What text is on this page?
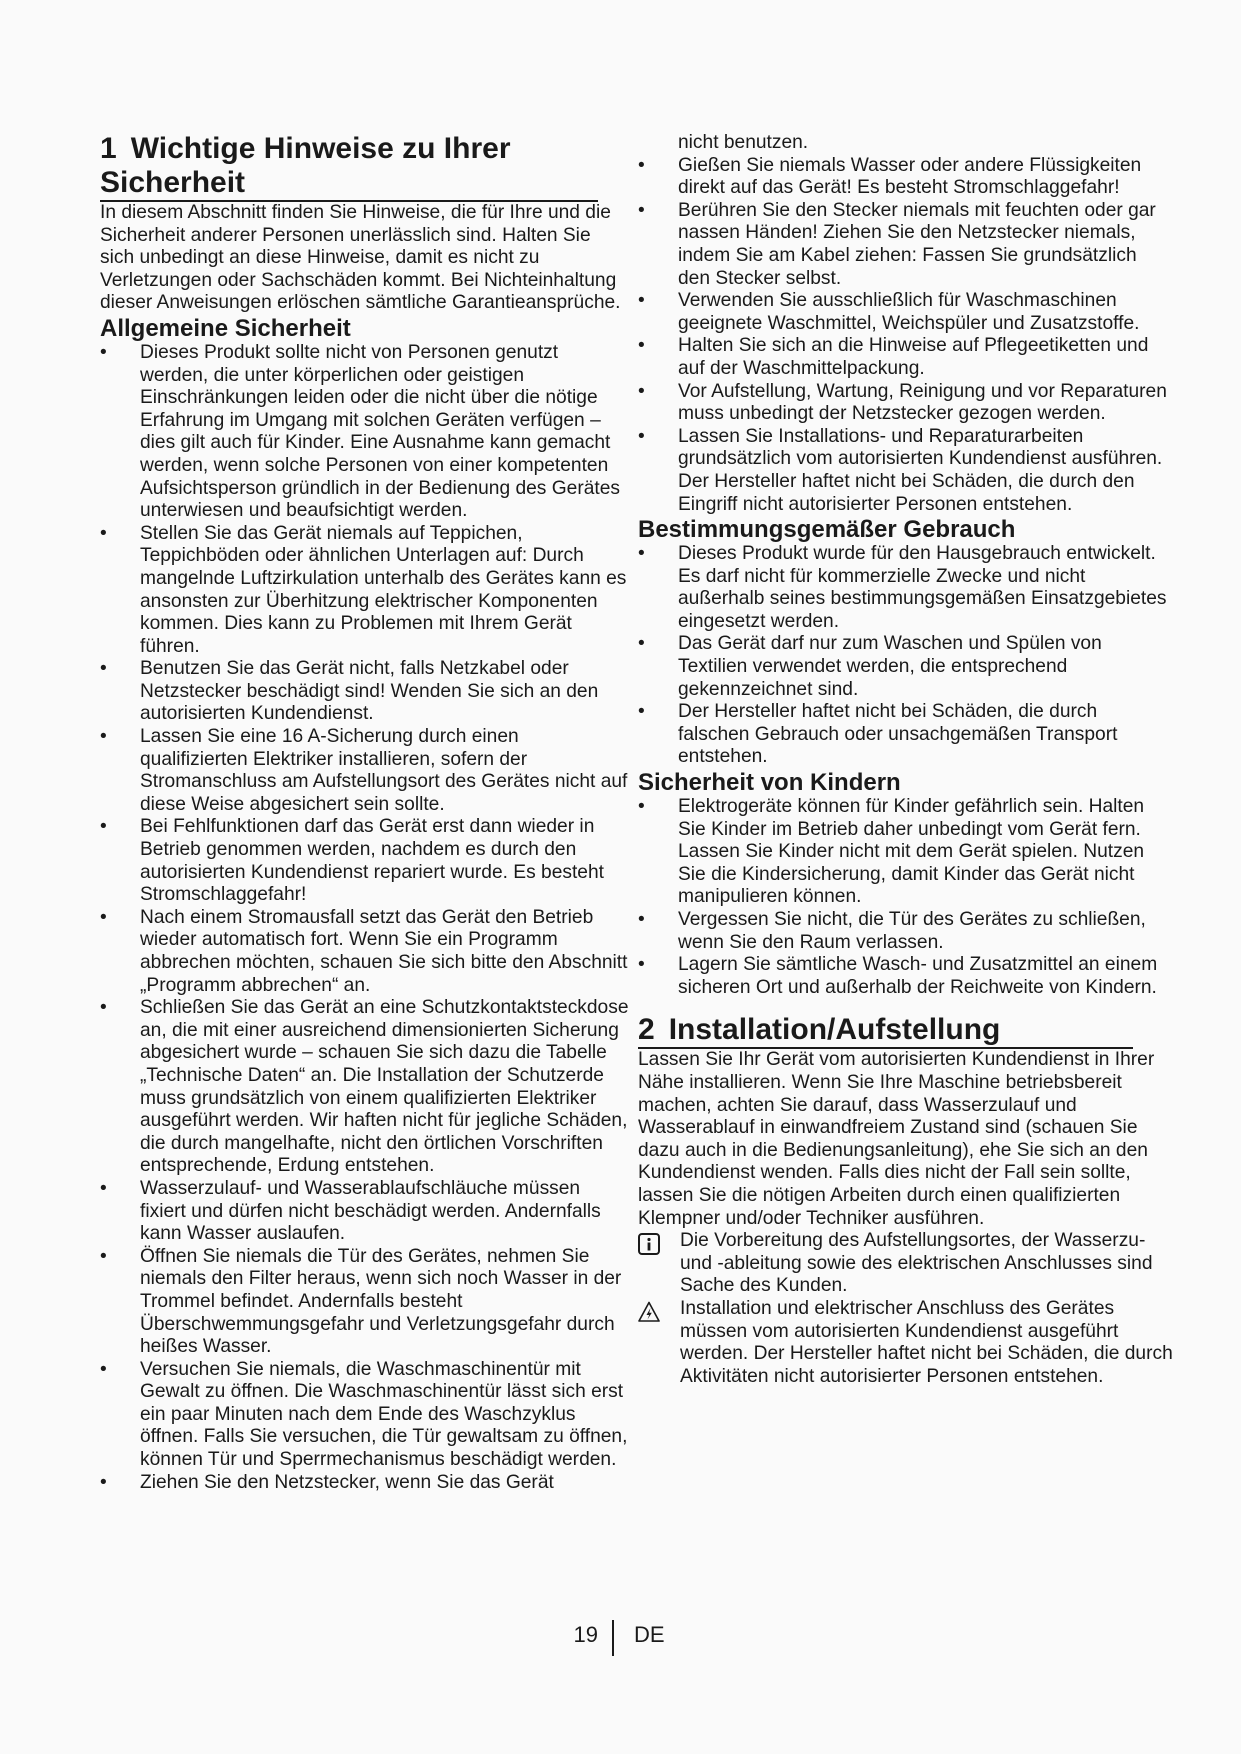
1 Wichtige Hinweise zu Ihrer Sicherheit

In diesem Abschnitt finden Sie Hinweise, die für Ihre und die Sicherheit anderer Personen unerlässlich sind. Halten Sie sich unbedingt an diese Hinweise, damit es nicht zu Verletzungen oder Sachschäden kommt. Bei Nichteinhaltung dieser Anweisungen erlöschen sämtliche Garantieansprüche.

Allgemeine Sicherheit
• Dieses Produkt sollte nicht von Personen genutzt werden, die unter körperlichen oder geistigen Einschränkungen leiden oder die nicht über die nötige Erfahrung im Umgang mit solchen Geräten verfügen – dies gilt auch für Kinder. Eine Ausnahme kann gemacht werden, wenn solche Personen von einer kompetenten Aufsichtsperson gründlich in der Bedienung des Gerätes unterwiesen und beaufsichtigt werden.
• Stellen Sie das Gerät niemals auf Teppichen, Teppichböden oder ähnlichen Unterlagen auf: Durch mangelnde Luftzirkulation unterhalb des Gerätes kann es ansonsten zur Überhitzung elektrischer Komponenten kommen. Dies kann zu Problemen mit Ihrem Gerät führen.
• Benutzen Sie das Gerät nicht, falls Netzkabel oder Netzstecker beschädigt sind! Wenden Sie sich an den autorisierten Kundendienst.
• Lassen Sie eine 16 A-Sicherung durch einen qualifizierten Elektriker installieren, sofern der Stromanschluss am Aufstellungsort des Gerätes nicht auf diese Weise abgesichert sein sollte.
• Bei Fehlfunktionen darf das Gerät erst dann wieder in Betrieb genommen werden, nachdem es durch den autorisierten Kundendienst repariert wurde. Es besteht Stromschlaggefahr!
• Nach einem Stromausfall setzt das Gerät den Betrieb wieder automatisch fort. Wenn Sie ein Programm abbrechen möchten, schauen Sie sich bitte den Abschnitt „Programm abbrechen“ an.
• Schließen Sie das Gerät an eine Schutzkontaktsteckdose an, die mit einer ausreichend dimensionierten Sicherung abgesichert wurde – schauen Sie sich dazu die Tabelle „Technische Daten“ an. Die Installation der Schutzerde muss grundsätzlich von einem qualifizierten Elektriker ausgeführt werden. Wir haften nicht für jegliche Schäden, die durch mangelhafte, nicht den örtlichen Vorschriften entsprechende, Erdung entstehen.
• Wasserzulauf- und Wasserablaufschläuche müssen fixiert und dürfen nicht beschädigt werden. Andernfalls kann Wasser auslaufen.
• Öffnen Sie niemals die Tür des Gerätes, nehmen Sie niemals den Filter heraus, wenn sich noch Wasser in der Trommel befindet. Andernfalls besteht Überschwemmungsgefahr und Verletzungsgefahr durch heißes Wasser.
• Versuchen Sie niemals, die Waschmaschinentür mit Gewalt zu öffnen. Die Waschmaschinentür lässt sich erst ein paar Minuten nach dem Ende des Waschzyklus öffnen. Falls Sie versuchen, die Tür gewaltsam zu öffnen, können Tür und Sperrmechanismus beschädigt werden.
• Ziehen Sie den Netzstecker, wenn Sie das Gerät

nicht benutzen.

• Gießen Sie niemals Wasser oder andere Flüssigkeiten direkt auf das Gerät! Es besteht Stromschlaggefahr!
• Berühren Sie den Stecker niemals mit feuchten oder gar nassen Händen! Ziehen Sie den Netzstecker niemals, indem Sie am Kabel ziehen: Fassen Sie grundsätzlich den Stecker selbst.
• Verwenden Sie ausschließlich für Waschmaschinen geeignete Waschmittel, Weichspüler und Zusatzstoffe.
• Halten Sie sich an die Hinweise auf Pflegeetiketten und auf der Waschmittelpackung.
• Vor Aufstellung, Wartung, Reinigung und vor Reparaturen muss unbedingt der Netzstecker gezogen werden.
• Lassen Sie Installations- und Reparaturarbeiten grundsätzlich vom autorisierten Kundendienst ausführen. Der Hersteller haftet nicht bei Schäden, die durch den Eingriff nicht autorisierter Personen entstehen.
Bestimmungsgemäßer Gebrauch
• Dieses Produkt wurde für den Hausgebrauch entwickelt. Es darf nicht für kommerzielle Zwecke und nicht außerhalb seines bestimmungsgemäßen Einsatzgebietes eingesetzt werden.
• Das Gerät darf nur zum Waschen und Spülen von Textilien verwendet werden, die entsprechend gekennzeichnet sind.
• Der Hersteller haftet nicht bei Schäden, die durch falschen Gebrauch oder unsachgemäßen Transport entstehen.
Sicherheit von Kindern
• Elektrogeräte können für Kinder gefährlich sein. Halten Sie Kinder im Betrieb daher unbedingt vom Gerät fern. Lassen Sie Kinder nicht mit dem Gerät spielen. Nutzen Sie die Kindersicherung, damit Kinder das Gerät nicht manipulieren können.
• Vergessen Sie nicht, die Tür des Gerätes zu schließen, wenn Sie den Raum verlassen.
• Lagern Sie sämtliche Wasch- und Zusatzmittel an einem sicheren Ort und außerhalb der Reichweite von Kindern.
2 Installation/Aufstellung

Lassen Sie Ihr Gerät vom autorisierten Kundendienst in Ihrer Nähe installieren. Wenn Sie Ihre Maschine betriebsbereit machen, achten Sie darauf, dass Wasserzulauf und Wasserablauf in einwandfreiem Zustand sind (schauen Sie dazu auch in die Bedienungsanleitung), ehe Sie sich an den Kundendienst wenden. Falls dies nicht der Fall sein sollte, lassen Sie die nötigen Arbeiten durch einen qualifizierten Klempner und/oder Techniker ausführen.

Die Vorbereitung des Aufstellungsortes, der Wasserzu- und -ableitung sowie des elektrischen Anschlusses sind Sache des Kunden.

Installation und elektrischer Anschluss des Gerätes müssen vom autorisierten Kundendienst ausgeführt werden. Der Hersteller haftet nicht bei Schäden, die durch Aktivitäten nicht autorisierter Personen entstehen.

19 DE
